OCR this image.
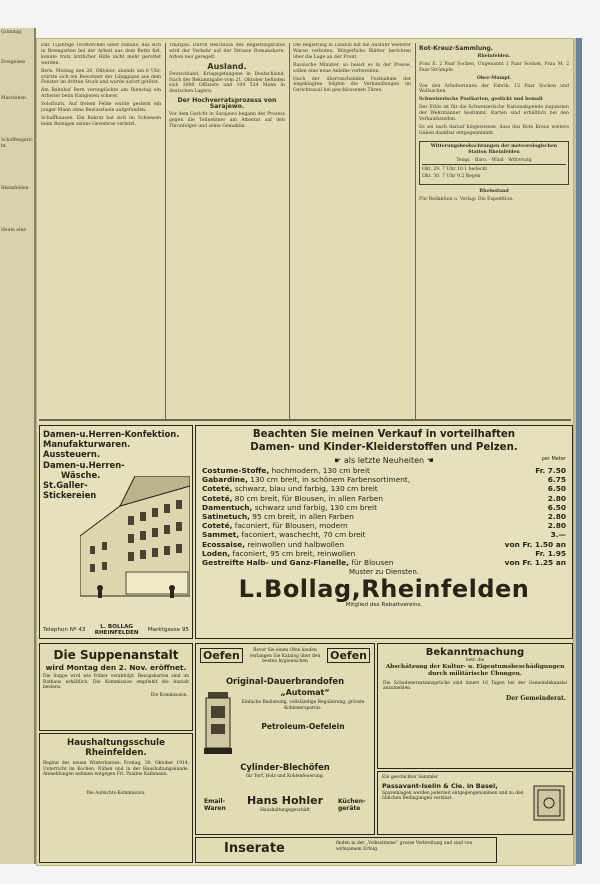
Grimmig

Ereignisse

Maschinen

Schöffengericht

Rheinfelden

Heute eine

Das 11jährige Töchterchen einer Familie, das sich in Bremgarten bei der Arbeit aus dem Bette fiel, konnte trotz ärztlicher Hilfe nicht mehr gerettet werden.

Bern. Montag den 26. Oktober, abends um 6 Uhr, stürzte sich ein Bewohner der Länggasse aus dem Fenster im dritten Stock und wurde sofort getötet.

Am Bahnhof Bern verunglückte am Dienstag ein Arbeiter beim Rangieren schwer.

Solothurn. Auf freiem Felde wurde gestern ein junger Mann ohne Bewusstsein aufgefunden.

Schaffhausen. Ein Rekrut hat sich im Schiessen beim Reinigen seines Gewehres verletzt.

Thurgau. Durch Beschluss des Regierungsrates wird der Verkehr auf der Strasse Romanshorn-Arbon neu geregelt.

Ausland.

Deutschland. Kriegsgefangene in Deutschland. Nach der Bekanntgabe vom 21. Oktober befinden sich 3000 Offiziere und 104 524 Mann in deutschen Lagern.

Der Hochverratsprozess von Sarajewo.

Vor dem Gericht in Sarajewo begann der Prozess gegen die Teilnehmer am Attentat auf den Thronfolger und seine Gemahlin.

Die Regierung in London hat die Ausfuhr weiterer Waren verboten. Bürgerliche Blätter berichten über die Lage an der Front.

Russische Minister, so heisst es in der Presse, sollen eine neue Anleihe vorbereiten.

Nach der überraschenden Festnahme der Angeklagten folgten die Verhandlungen im Gerichtssaal bei geschlossenen Türen.

Rot-Kreuz-Sammlung.

Rheinfelden.

Frau E. 2 Paar Socken, Ungenannt 1 Paar Socken, Frau M. 2 Paar Strümpfe.

Ober-Mumpf.

Von den Arbeiterinnen der Fabrik: 12 Paar Socken und Wollsachen.

Schweizerische Postkarten, gestickt und bemalt

Der Erlös ist für die Schweizerische Nationalspende zugunsten der Wehrmänner bestimmt. Karten sind erhältlich bei den Verkaufsstellen.

Es sei noch darauf hingewiesen, dass das Rote Kreuz weitere Gaben dankbar entgegennimmt.

Witterungsbeobachtungen der meteorologischen Station Rheinfelden

Temp. · Baro. · Wind · Witterung

Okt. 29. 7 Uhr 10.1 bedeckt

Okt. 30. 7 Uhr 9.2 Regen

Rheinstand

Für Redaktion u. Verlag: Die Expedition.

Damen-u.Herren-Konfektion.
Manufakturwaren.
Aussteuern.
Damen-u.Herren-
Wäsche.
St.Galler-
Stickereien
Telephon Nº 43	L. BOLLAG
RHEINFELDEN Marktgasse 95
Beachten Sie meinen Verkauf in vorteilhaften
Damen- und Kinder-Kleiderstoffen und Pelzen.
☛ als letzte Neuheiten ☚	per Meter
Costume-Stoffe, hochmodern, 130 cm breit	Fr. 7.50
Gabardine, 130 cm breit, in schönem Farbensortiment,	6.75
Coteté, schwarz, blau und farbig, 130 cm breit	6.50
Coteté, 80 cm breit, für Blousen, in allen Farben	2.80
Damentuch, schwarz und farbig, 130 cm breit	6.50
Satinetuch, 95 cm breit, in allen Farben	2.80
Coteté, faconiert, für Blousen, modern	2.80
Sammet, faconiert, waschecht, 70 cm breit	3.—
Ecossaise, reinwollen und halbwollen	von Fr. 1.50 an
Loden, faconiert, 95 cm breit, reinwollen	Fr. 1.95
Gestreifte Halb- und Ganz-Flanelle, für Blousen	von Fr. 1.25 an
Muster zu Diensten.
L.Bollag,Rheinfelden
Mitglied des Rabattvereins.
Die Suppenanstalt
wird Montag den 2. Nov. eröffnet.
Die Suppe wird wie früher verabfolgt. Bezugskarten sind im Rathaus erhältlich. Die Kommission empfiehlt die Anstalt bestens.
Die Kommission.
Haushaltungsschule Rheinfelden.
Beginn des neuen Winterkurses: Freitag, 30. Oktober 1914. Unterricht im Kochen, Nähen und in der Haushaltungskunde. Anmeldungen nehmen entgegen Frl. Pauline Kalbmann.
Die Aufsichts-Kommission.
Oefen	Oefen
Bevor Sie einen Ofen kaufen verlangen Sie Katalog über den besten hygienischen
Original-Dauerbrandofen
„Automat“
Einfache Bedienung, vollständige Regulierung, grösste Kohlenersparnis.
Petroleum-Oefelein
Cylinder-Blechöfen
für Torf, Holz und Kohlenfeuerung.
Email-Waren
Hans Hohler
Haushaltungsgeschäft
Küchen-geräte
Inserate	finden in der „Volksstimme“ grosse Verbreitung und sind von wirksamem Erfolg.
Bekanntmachung
betr. die
Abschätzung der Kultur- u. Eigentumsbeschädigungen durch militärische Übungen.
Die Schadenersatzansprüche sind innert 10 Tagen bei der Gemeindekanzlei anzumelden.
Der Gemeinderat.
Ein geschickter Sammler
Passavant-Iselin & Cie. in Basel,
Spareinlagen werden jederzeit entgegengenommen und zu den üblichen Bedingungen verzinst.
